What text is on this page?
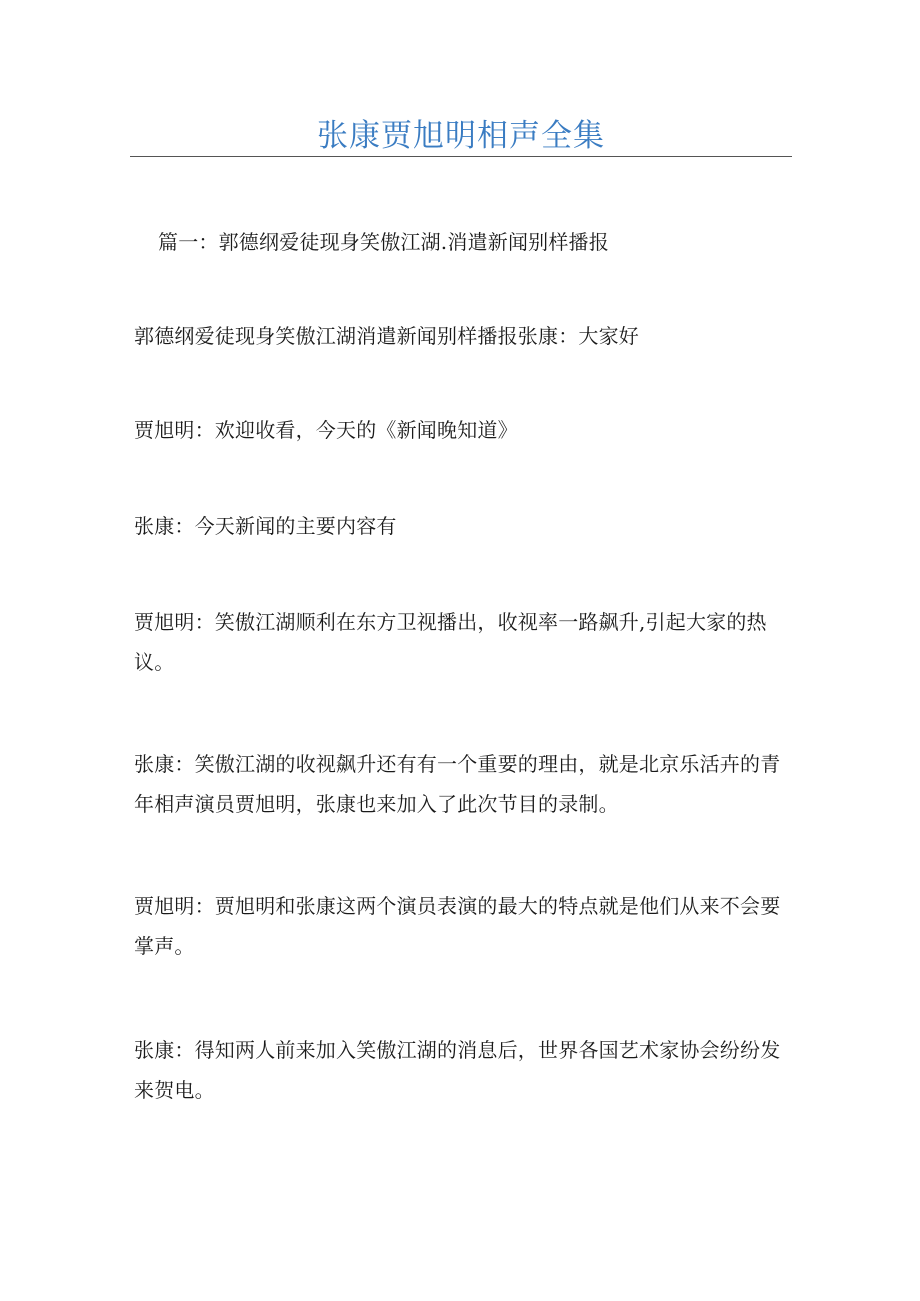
张康贾旭明相声全集

篇一：郭德纲爱徒现身笑傲江湖.消遣新闻别样播报

郭德纲爱徒现身笑傲江湖消遣新闻别样播报张康：大家好

贾旭明：欢迎收看，今天的《新闻晚知道》

张康：今天新闻的主要内容有

贾旭明：笑傲江湖顺利在东方卫视播出，收视率一路飙升,引起大家的热议。

张康：笑傲江湖的收视飙升还有有一个重要的理由，就是北京乐活卉的青年相声演员贾旭明，张康也来加入了此次节目的录制。

贾旭明：贾旭明和张康这两个演员表演的最大的特点就是他们从来不会要掌声。

张康：得知两人前来加入笑傲江湖的消息后，世界各国艺术家协会纷纷发来贺电。
